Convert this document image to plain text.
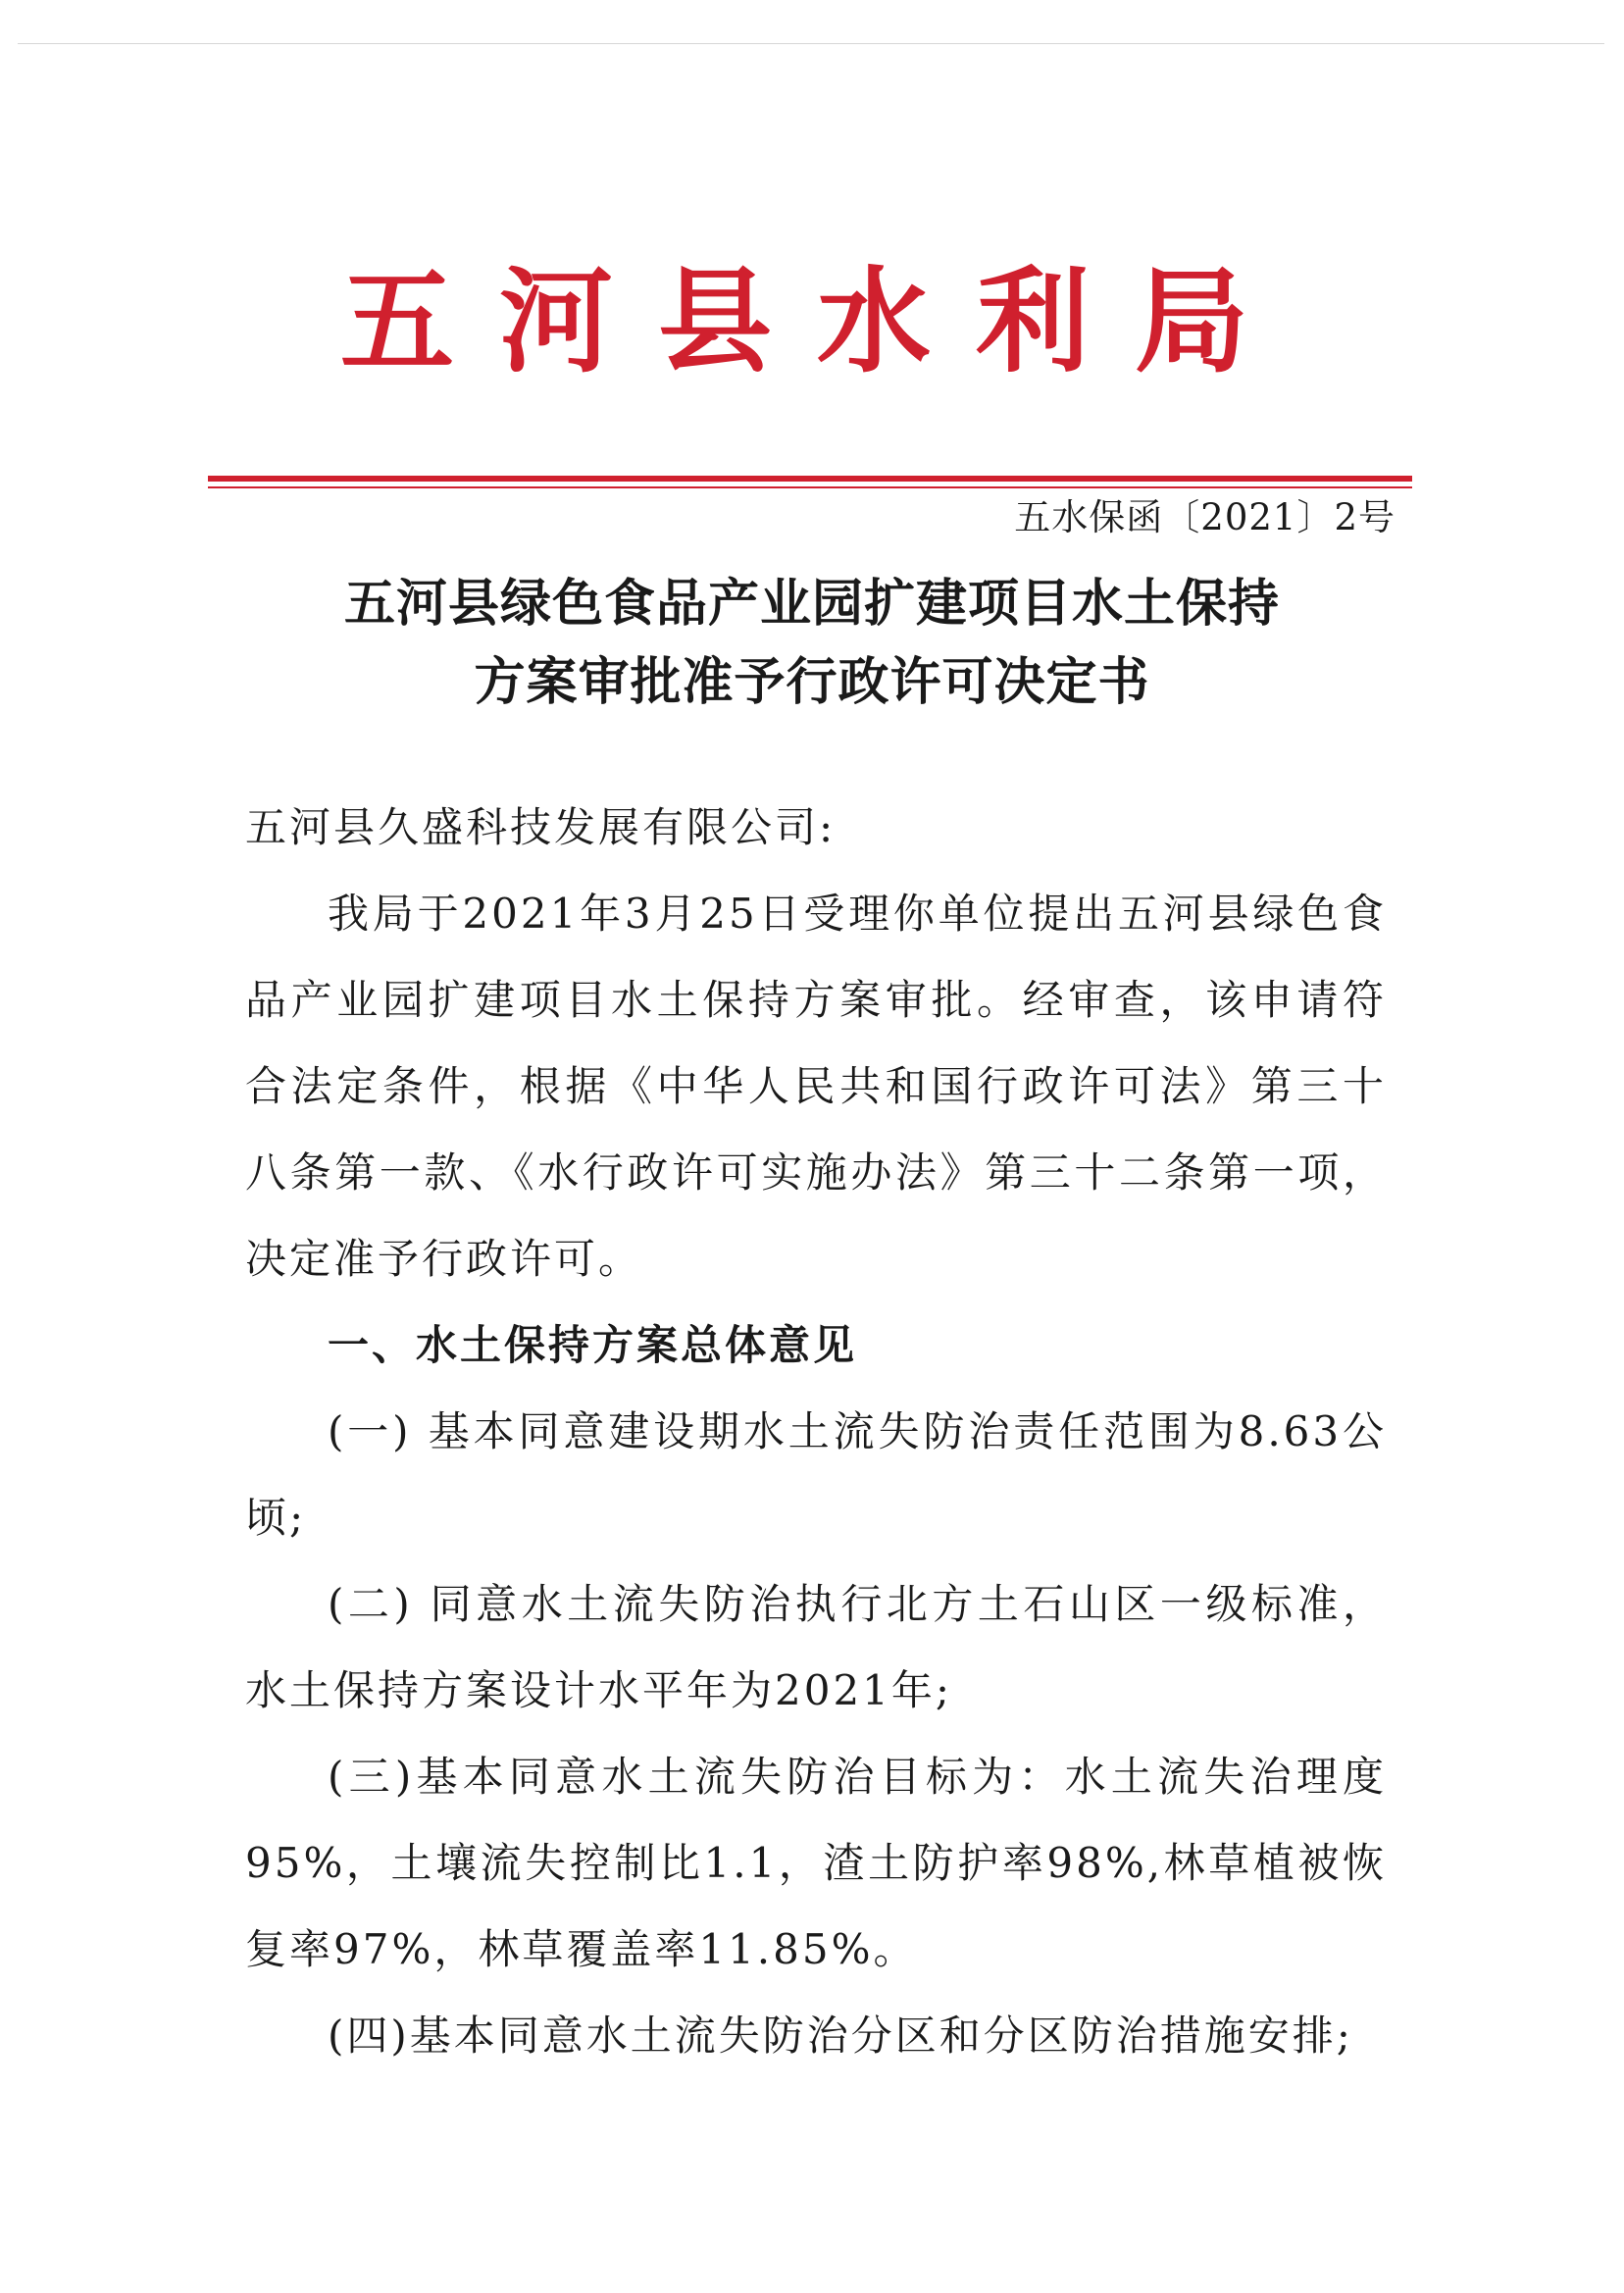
五河县水利局
五水保函〔2021〕2号
五河县绿色食品产业园扩建项目水土保持
方案审批准予行政许可决定书

五河县久盛科技发展有限公司:

我局于2021年3月25日受理你单位提出五河县绿色食品产业园扩建项目水土保持方案审批。经审查，该申请符合法定条件，根据《中华人民共和国行政许可法》第三十八条第一款、《水行政许可实施办法》第三十二条第一项，决定准予行政许可。

一、水土保持方案总体意见

(一) 基本同意建设期水土流失防治责任范围为8.63公顷;

(二) 同意水土流失防治执行北方土石山区一级标准，水土保持方案设计水平年为2021年;

(三)基本同意水土流失防治目标为：水土流失治理度95%，土壤流失控制比1.1，渣土防护率98%,林草植被恢复率97%，林草覆盖率11.85%。

(四)基本同意水土流失防治分区和分区防治措施安排;
